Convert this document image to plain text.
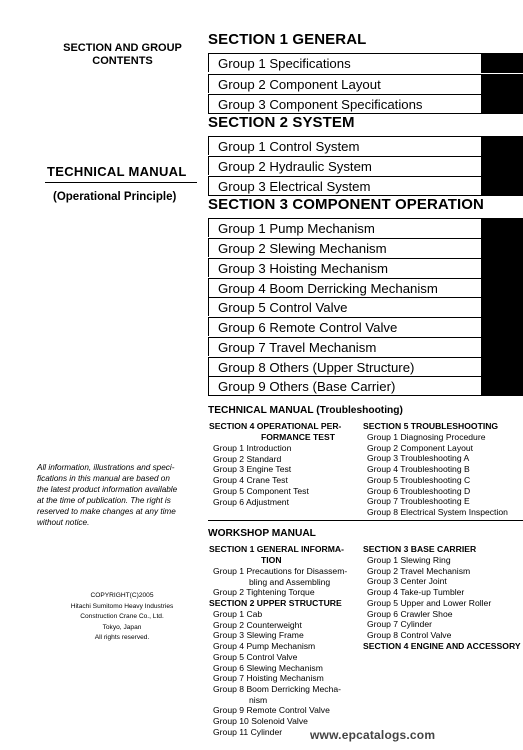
SECTION AND GROUP
CONTENTS
TECHNICAL MANUAL
(Operational Principle)
All information, illustrations and speci-
fications in this manual are based on
the latest product information available
at the time of publication. The right is
reserved to make changes at any time
without notice.
COPYRIGHT(C)2005
Hitachi Sumitomo Heavy Industries
Construction Crane Co., Ltd.
Tokyo, Japan
All rights reserved.
SECTION 1 GENERAL
Group 1 Specifications
Group 2 Component Layout
Group 3 Component Specifications
SECTION 2 SYSTEM
Group 1 Control System
Group 2 Hydraulic System
Group 3 Electrical System
SECTION 3 COMPONENT OPERATION
Group 1 Pump Mechanism
Group 2 Slewing Mechanism
Group 3 Hoisting Mechanism
Group 4 Boom Derricking Mechanism
Group 5 Control Valve
Group 6 Remote Control Valve
Group 7 Travel Mechanism
Group 8 Others (Upper Structure)
Group 9 Others (Base Carrier)
TECHNICAL MANUAL (Troubleshooting)
SECTION 4 OPERATIONAL PER-
FORMANCE TEST
Group 1 Introduction
Group 2 Standard
Group 3 Engine Test
Group 4 Crane Test
Group 5 Component Test
Group 6 Adjustment
SECTION 5 TROUBLESHOOTING
Group 1 Diagnosing Procedure
Group 2 Component Layout
Group 3 Troubleshooting A
Group 4 Troubleshooting B
Group 5 Troubleshooting C
Group 6 Troubleshooting D
Group 7 Troubleshooting E
Group 8 Electrical System Inspection
WORKSHOP MANUAL
SECTION 1 GENERAL INFORMA-
TION
Group 1 Precautions for Disassem-
bling and Assembling
Group 2 Tightening Torque
SECTION 2 UPPER STRUCTURE
Group 1 Cab
Group 2 Counterweight
Group 3 Slewing Frame
Group 4 Pump Mechanism
Group 5 Control Valve
Group 6 Slewing Mechanism
Group 7 Hoisting Mechanism
Group 8 Boom Derricking Mecha-
nism
Group 9 Remote Control Valve
Group 10 Solenoid Valve
Group 11 Cylinder
SECTION 3 BASE CARRIER
Group 1 Slewing Ring
Group 2 Travel Mechanism
Group 3 Center Joint
Group 4 Take-up Tumbler
Group 5 Upper and Lower Roller
Group 6 Crawler Shoe
Group 7 Cylinder
Group 8 Control Valve
SECTION 4 ENGINE AND ACCESSORY
www.epcatalogs.com
